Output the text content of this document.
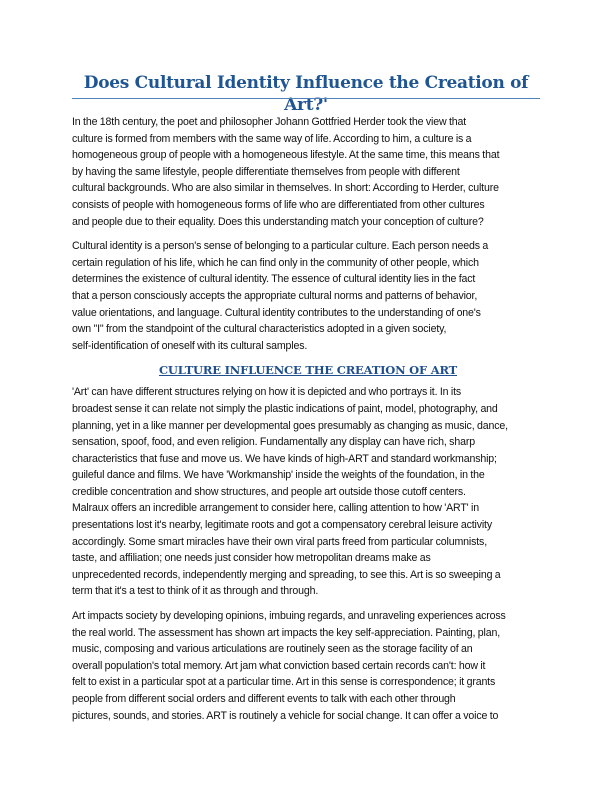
Does Cultural Identity Influence the Creation of Art?'

In the 18th century, the poet and philosopher Johann Gottfried Herder took the view that
culture is formed from members with the same way of life. According to him, a culture is a
homogeneous group of people with a homogeneous lifestyle. At the same time, this means that
by having the same lifestyle, people differentiate themselves from people with different
cultural backgrounds. Who are also similar in themselves. In short: According to Herder, culture
consists of people with homogeneous forms of life who are differentiated from other cultures
and people due to their equality. Does this understanding match your conception of culture?

Cultural identity is a person's sense of belonging to a particular culture. Each person needs a
certain regulation of his life, which he can find only in the community of other people, which
determines the existence of cultural identity. The essence of cultural identity lies in the fact
that a person consciously accepts the appropriate cultural norms and patterns of behavior,
value orientations, and language. Cultural identity contributes to the understanding of one's
own "I" from the standpoint of the cultural characteristics adopted in a given society,
self-identification of oneself with its cultural samples.

CULTURE INFLUENCE THE CREATION OF ART

'Art' can have different structures relying on how it is depicted and who portrays it. In its
broadest sense it can relate not simply the plastic indications of paint, model, photography, and
planning, yet in a like manner per developmental goes presumably as changing as music, dance,
sensation, spoof, food, and even religion. Fundamentally any display can have rich, sharp
characteristics that fuse and move us. We have kinds of high-ART and standard workmanship;
guileful dance and films. We have 'Workmanship' inside the weights of the foundation, in the
credible concentration and show structures, and people art outside those cutoff centers.
Malraux offers an incredible arrangement to consider here, calling attention to how 'ART' in
presentations lost it's nearby, legitimate roots and got a compensatory cerebral leisure activity
accordingly. Some smart miracles have their own viral parts freed from particular columnists,
taste, and affiliation; one needs just consider how metropolitan dreams make as
unprecedented records, independently merging and spreading, to see this. Art is so sweeping a
term that it's a test to think of it as through and through.

Art impacts society by developing opinions, imbuing regards, and unraveling experiences across
the real world. The assessment has shown art impacts the key self-appreciation. Painting, plan,
music, composing and various articulations are routinely seen as the storage facility of an
overall population's total memory. Art jam what conviction based certain records can't: how it
felt to exist in a particular spot at a particular time. Art in this sense is correspondence; it grants
people from different social orders and different events to talk with each other through
pictures, sounds, and stories. ART is routinely a vehicle for social change. It can offer a voice to
